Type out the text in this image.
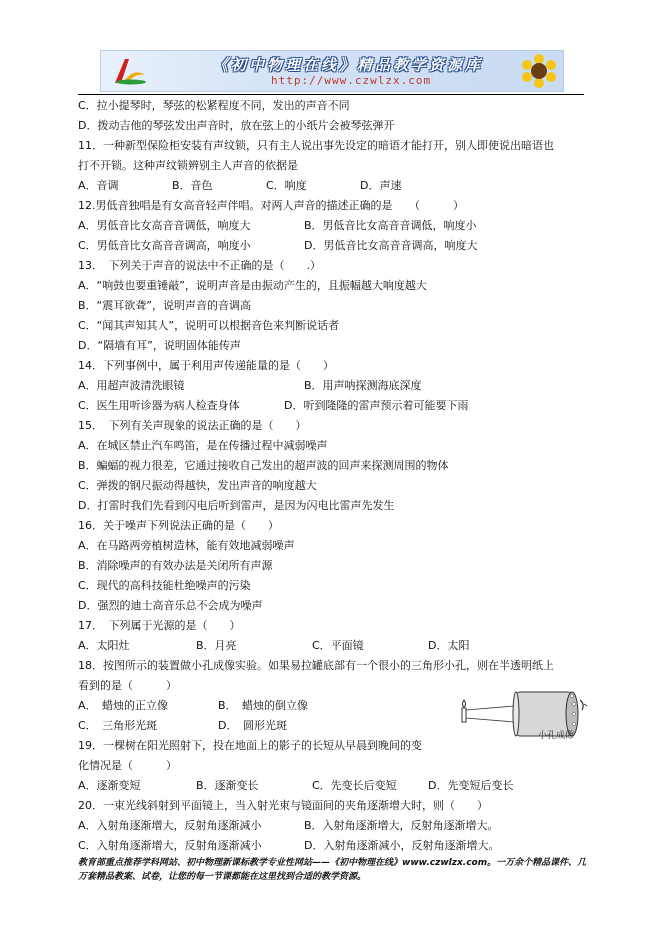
《初中物理在线》精品教学资源库
http://www.czwlzx.com
C．拉小提琴时，琴弦的松紧程度不同，发出的声音不同
D．拨动吉他的琴弦发出声音时，放在弦上的小纸片会被琴弦弹开
11．一种新型保险柜安装有声纹锁，只有主人说出事先设定的暗语才能打开，别人即使说出暗语也
打不开锁。这种声纹锁辨别主人声音的依据是
A．音调	B．音色	C．响度	D．声速
12.男低音独唱是有女高音轻声伴唱。对两人声音的描述正确的是　　（　　　）
A．男低音比女高音音调低，响度大	B．男低音比女高音音调低，响度小
C．男低音比女高音音调高，响度小	D．男低音比女高音音调高，响度大
13．　下列关于声音的说法中不正确的是（　　.）
A．“响鼓也要重锤敲”，说明声音是由振动产生的，且振幅越大响度越大
B．“震耳欲聋”，说明声音的音调高
C．“闻其声知其人”，说明可以根据音色来判断说话者
D．“隔墙有耳”，说明固体能传声
14．下列事例中，属于利用声传递能量的是（　　）
A．用超声波清洗眼镜	B．用声呐探测海底深度
C．医生用听诊器为病人检查身体	D．听到隆隆的雷声预示着可能要下雨
15．　下列有关声现象的说法正确的是（　　）
A．在城区禁止汽车鸣笛，是在传播过程中减弱噪声
B．蝙蝠的视力很差，它通过接收自己发出的超声波的回声来探测周围的物体
C．弹拨的钢尺振动得越快，发出声音的响度越大
D．打雷时我们先看到闪电后听到雷声，是因为闪电比雷声先发生
16．关于噪声下列说法正确的是（　　）
A．在马路两旁植树造林，能有效地减弱噪声
B．消除噪声的有效办法是关闭所有声源
C．现代的高科技能杜绝噪声的污染
D．强烈的迪士高音乐总不会成为噪声
17．　下列属于光源的是（　　）
A．太阳灶	B．月亮	C．平面镜	D．太阳
18．按图所示的装置做小孔成像实验。如果易拉罐底部有一个很小的三角形小孔，则在半透明纸上
看到的是（　　　）
A．　蜡烛的正立像	B．　蜡烛的倒立像
C．　三角形光斑	D．　圆形光斑
19．一棵树在阳光照射下，投在地面上的影子的长短从早晨到晚间的变
化情况是（　　　）
A．逐渐变短	B．逐渐变长	C．先变长后变短	D．先变短后变长
20．一束光线斜射到平面镜上，当入射光束与镜面间的夹角逐渐增大时，则（　　）
A．入射角逐渐增大，反射角逐渐减小	B．入射角逐渐增大，反射角逐渐增大。
C．入射角逐渐增大，反射角逐渐减小	D．入射角逐渐减小，反射角逐渐增大。
小孔成像
教育部重点推荐学科网站、初中物理新课标教学专业性网站——《初中物理在线》www.czwlzx.com。一万余个精品课件、几万套精品教案、试卷，让您的每一节课都能在这里找到合适的教学资源。
